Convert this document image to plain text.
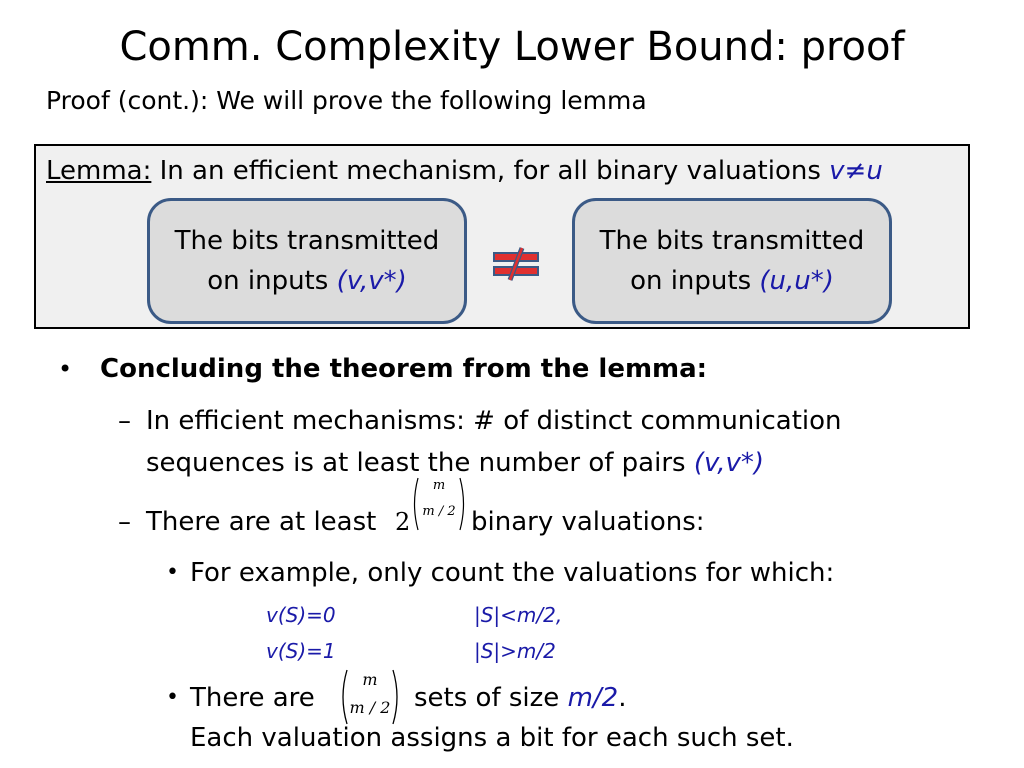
Comm. Complexity Lower Bound: proof
Proof (cont.): We will prove the following lemma
Lemma: In an efficient mechanism, for all binary valuations v≠u
The bits transmitted
on inputs (v,v*)
The bits transmitted
on inputs (u,u*)
• Concluding the theorem from the lemma:
– In efficient mechanisms: # of distinct communication sequences is at least the number of pairs (v,v*)
– There are at least	binary valuations:
2
m
m / 2
• For example, only count the valuations for which:
v(S)=0	|S|<m/2,
v(S)=1	|S|>m/2
• There are	sets of size m/2.
Each valuation assigns a bit for each such set.
m
m / 2
